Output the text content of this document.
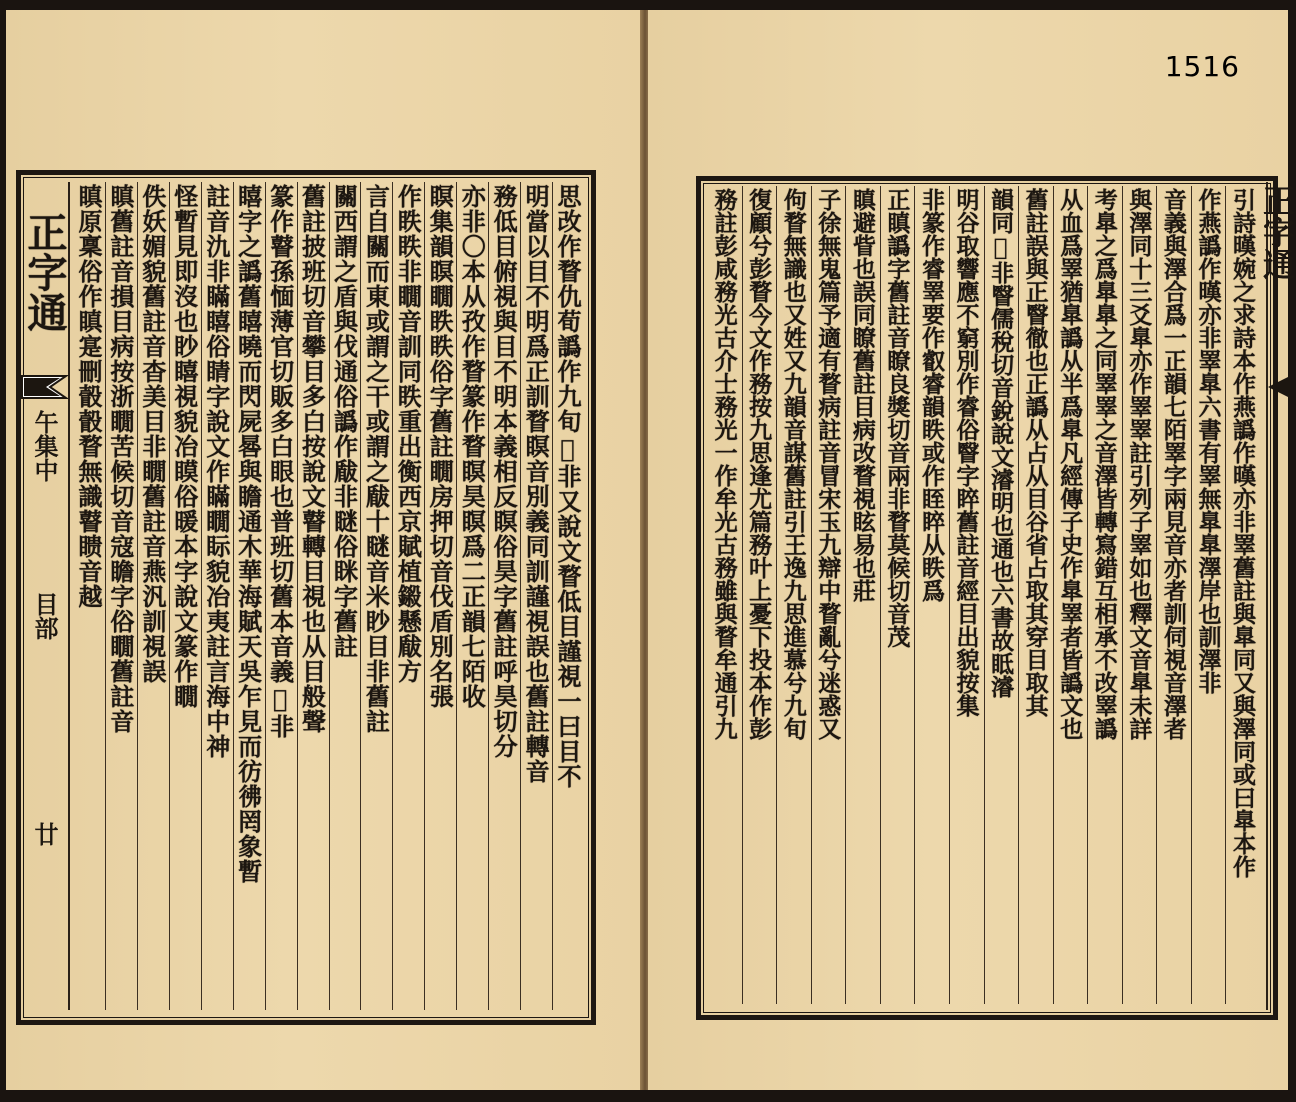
正字通
午集中
目部
廿
思改作瞀仇荀譌作九旬𣲖非又說文瞀低目謹視一曰目不
明當以目不明爲正訓瞀瞑音別義同訓謹視誤也舊註轉音
務低目俯視與目不明本義相反瞑俗昊字舊註呼昊切分
亦非〇本从孜作瞀篆作瞀瞑昊瞑爲二正韻七陌收
瞑集韻瞑瞯眣眣俗字舊註瞯房押切音伐盾別名張
作眣眣非瞯音訓同眣重出衡西京賦植鎩懸瞂方
言自關而東或謂之干或謂之瞂十瞇音米眇目非舊註
關西謂之盾與伐通俗譌作瞂非瞇俗眯字舊註
舊註披班切音攀目多白按說文瞽轉目視也从目般聲
篆作瞽孫愐薄官切販多白眼也普班切舊本音義𣲖非
瞦字之譌舊瞦曉而閃屍晷與瞻通木華海賦天吳乍見而彷彿罔象暫
註音氿非瞞瞦俗睛字說文作瞞瞯眎貌冶夷註言海中神
怪暫見即沒也眇瞦視貌冶瞙俗暖本字說文篆作瞯
佚妖媚貌舊註音杳美目非瞯舊註音燕汎訓視誤
瞋舊註音損目病按浙瞯苦候切音寇瞻字俗瞯舊註音
瞋原稟俗作瞋寔刪瞉瞉瞀無識瞽瞆音越
1516
引詩暵婉之求詩本作燕譌作暵亦非睪舊註與臯同又與澤同或曰臯本作
作燕譌作暵亦非睪臯六書有睪無臯臯澤岸也訓澤非
音義與澤合爲一正韻七陌睪字兩見音亦者訓伺視音澤者
與澤同十三爻臯亦作睪睪註引列子睪如也釋文音臯未詳
考臯之爲臯臯之同睪睪之音澤皆轉寫錯互相承不改睪譌
从血爲睪猶臯譌从半爲臯凡經傳子史作臯睪者皆譌文也
舊註誤與正瞖徹也正譌从占从目谷省占取其穿目取其
韻同𣲖非瞖儒稅切音銳說文濬明也通也六書故眡濬
明谷取響應不窮別作睿俗瞖字睟舊註音經目出貌按集
非篆作睿睪要作叡睿韻眣或作眰睟从眣爲
正瞋譌字舊註音瞭良獎切音兩非瞀莫候切音茂
瞋避眥也誤同瞭舊註目病改瞀視眩易也莊
子徐無鬼篇予適有瞀病註音冒宋玉九辯中瞀亂兮迷惑又
佝瞀無識也又姓又九韻音謀舊註引王逸九思進慕兮九旬
復顧兮彭瞀今文作務按九思逢尤篇務叶上憂下投本作彭
務註彭咸務光古介士務光一作牟光古務雖與瞀牟通引九	正字通
